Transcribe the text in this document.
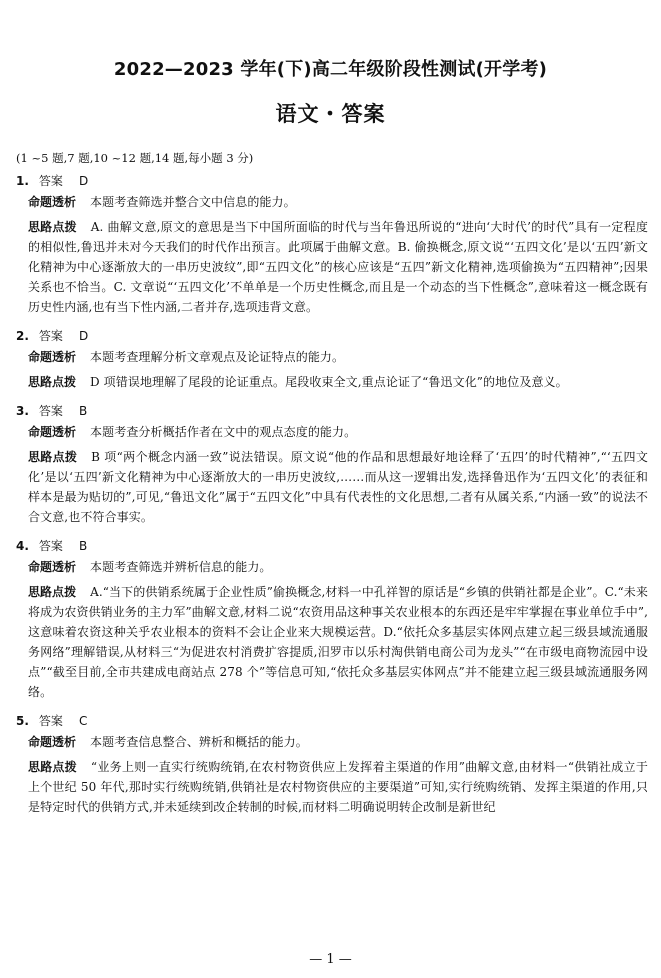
2022—2023 学年(下)高二年级阶段性测试(开学考)
语文・答案
(1 ~5 题,7 题,10 ~12 题,14 题,每小题 3 分)
1. 答案 D
命题透析 本题考查筛选并整合文中信息的能力。
思路点拨 A. 曲解文意,原文的意思是当下中国所面临的时代与当年鲁迅所说的“进向‘大时代’的时代”具有一定程度的相似性,鲁迅并未对今天我们的时代作出预言。此项属于曲解文意。B. 偷换概念,原文说“‘五四文化’是以‘五四’新文化精神为中心逐渐放大的一串历史波纹”,即“五四文化”的核心应该是“五四”新文化精神,选项偷换为“五四精神”;因果关系也不恰当。C. 文章说“‘五四文化’不单单是一个历史性概念,而且是一个动态的当下性概念”,意味着这一概念既有历史性内涵,也有当下性内涵,二者并存,选项违背文意。
2. 答案 D
命题透析 本题考查理解分析文章观点及论证特点的能力。
思路点拨 D 项错误地理解了尾段的论证重点。尾段收束全文,重点论证了“鲁迅文化”的地位及意义。
3. 答案 B
命题透析 本题考查分析概括作者在文中的观点态度的能力。
思路点拨 B 项“两个概念内涵一致”说法错误。原文说“他的作品和思想最好地诠释了‘五四’的时代精神”,“‘五四文化’是以‘五四’新文化精神为中心逐渐放大的一串历史波纹,……而从这一逻辑出发,选择鲁迅作为‘五四文化’的表征和样本是最为贴切的”,可见,“鲁迅文化”属于“五四文化”中具有代表性的文化思想,二者有从属关系,“内涵一致”的说法不合文意,也不符合事实。
4. 答案 B
命题透析 本题考查筛选并辨析信息的能力。
思路点拨 A.“当下的供销系统属于企业性质”偷换概念,材料一中孔祥智的原话是“乡镇的供销社都是企业”。C.“未来将成为农资供销业务的主力军”曲解文意,材料二说“农资用品这种事关农业根本的东西还是牢牢掌握在事业单位手中”,这意味着农资这种关乎农业根本的资料不会让企业来大规模运营。D.“依托众多基层实体网点建立起三级县域流通服务网络”理解错误,从材料三“为促进农村消费扩容提质,汨罗市以乐村淘供销电商公司为龙头”“在市级电商物流园中设点”“截至目前,全市共建成电商站点 278 个”等信息可知,“依托众多基层实体网点”并不能建立起三级县域流通服务网络。
5. 答案 C
命题透析 本题考查信息整合、辨析和概括的能力。
思路点拨 “业务上则一直实行统购统销,在农村物资供应上发挥着主渠道的作用”曲解文意,由材料一“供销社成立于上个世纪 50 年代,那时实行统购统销,供销社是农村物资供应的主要渠道”可知,实行统购统销、发挥主渠道的作用,只是特定时代的供销方式,并未延续到改企转制的时候,而材料二明确说明转企改制是新世纪
— 1 —
